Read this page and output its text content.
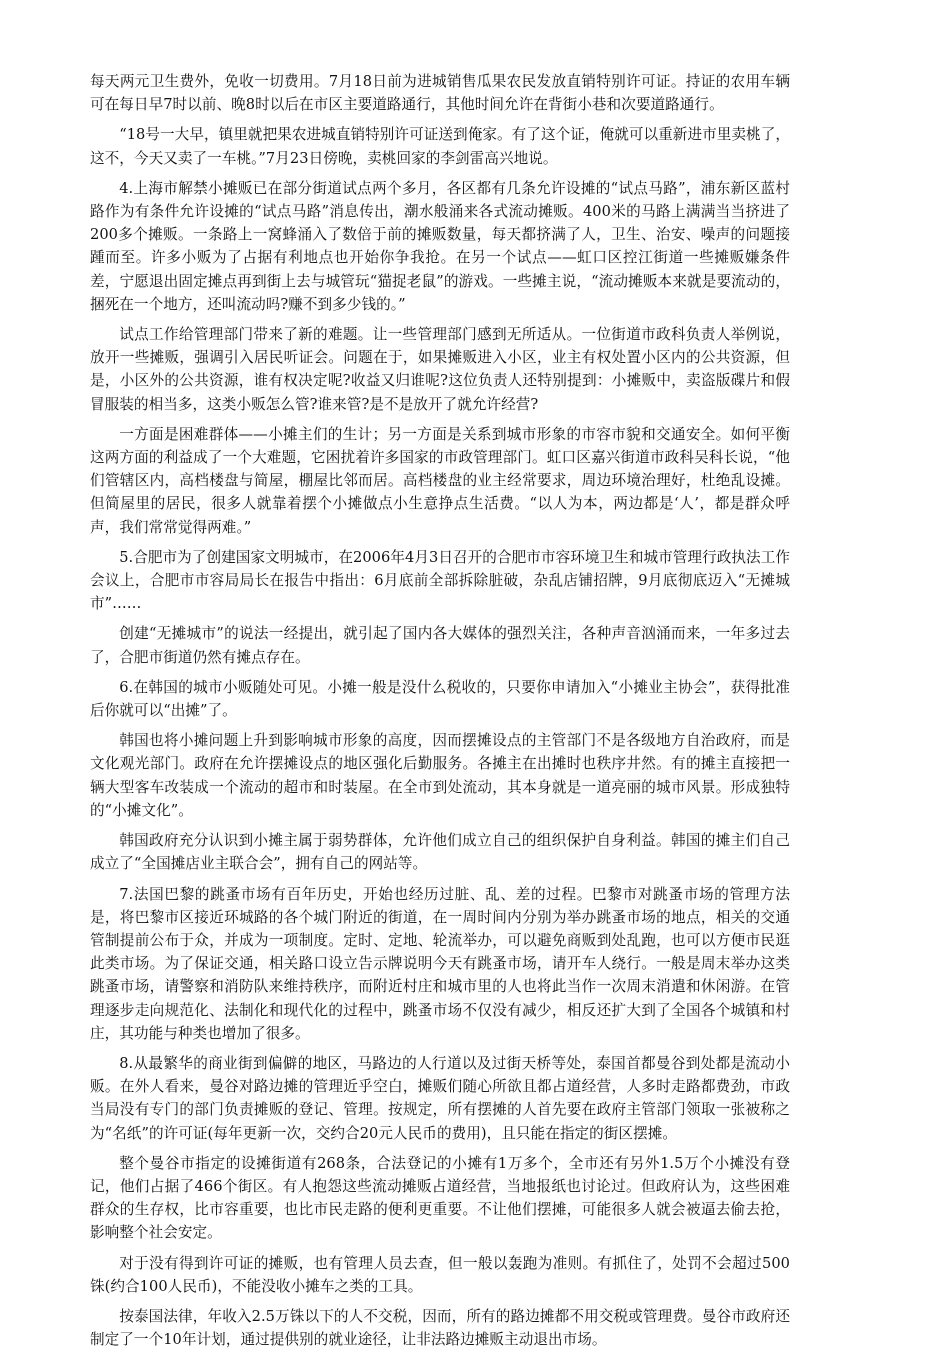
每天两元卫生费外，免收一切费用。7月18日前为进城销售瓜果农民发放直销特别许可证。持证的农用车辆可在每日早7时以前、晚8时以后在市区主要道路通行，其他时间允许在背街小巷和次要道路通行。

“18号一大早，镇里就把果农进城直销特别许可证送到俺家。有了这个证，俺就可以重新进市里卖桃了，这不，今天又卖了一车桃。”7月23日傍晚，卖桃回家的李剑雷高兴地说。

4.上海市解禁小摊贩已在部分街道试点两个多月，各区都有几条允许设摊的“试点马路”，浦东新区蓝村路作为有条件允许设摊的“试点马路”消息传出，潮水般涌来各式流动摊贩。400米的马路上满满当当挤进了200多个摊贩。一条路上一窝蜂涌入了数倍于前的摊贩数量，每天都挤满了人，卫生、治安、噪声的问题接踵而至。许多小贩为了占据有利地点也开始你争我抢。在另一个试点——虹口区控江街道一些摊贩嫌条件差，宁愿退出固定摊点再到街上去与城管玩“猫捉老鼠”的游戏。一些摊主说，“流动摊贩本来就是要流动的，捆死在一个地方，还叫流动吗?赚不到多少钱的。”

试点工作给管理部门带来了新的难题。让一些管理部门感到无所适从。一位街道市政科负责人举例说，放开一些摊贩，强调引入居民听证会。问题在于，如果摊贩进入小区，业主有权处置小区内的公共资源，但是，小区外的公共资源，谁有权决定呢?收益又归谁呢?这位负责人还特别提到：小摊贩中，卖盗版碟片和假冒服装的相当多，这类小贩怎么管?谁来管?是不是放开了就允许经营?

一方面是困难群体——小摊主们的生计；另一方面是关系到城市形象的市容市貌和交通安全。如何平衡这两方面的利益成了一个大难题，它困扰着许多国家的市政管理部门。虹口区嘉兴街道市政科吴科长说，“他们管辖区内，高档楼盘与简屋，棚屋比邻而居。高档楼盘的业主经常要求，周边环境治理好，杜绝乱设摊。但简屋里的居民，很多人就靠着摆个小摊做点小生意挣点生活费。“以人为本，两边都是‘人’，都是群众呼声，我们常常觉得两难。”

5.合肥市为了创建国家文明城市，在2006年4月3日召开的合肥市市容环境卫生和城市管理行政执法工作会议上，合肥市市容局局长在报告中指出：6月底前全部拆除脏破，杂乱店铺招牌，9月底彻底迈入“无摊城市”……

创建“无摊城市”的说法一经提出，就引起了国内各大媒体的强烈关注，各种声音汹涌而来，一年多过去了，合肥市街道仍然有摊点存在。

6.在韩国的城市小贩随处可见。小摊一般是没什么税收的，只要你申请加入“小摊业主协会”，获得批准后你就可以“出摊”了。

韩国也将小摊问题上升到影响城市形象的高度，因而摆摊设点的主管部门不是各级地方自治政府，而是文化观光部门。政府在允许摆摊设点的地区强化后勤服务。各摊主在出摊时也秩序井然。有的摊主直接把一辆大型客车改装成一个流动的超市和时装屋。在全市到处流动，其本身就是一道亮丽的城市风景。形成独特的“小摊文化”。

韩国政府充分认识到小摊主属于弱势群体，允许他们成立自己的组织保护自身利益。韩国的摊主们自己成立了“全国摊店业主联合会”，拥有自己的网站等。

7.法国巴黎的跳蚤市场有百年历史，开始也经历过脏、乱、差的过程。巴黎市对跳蚤市场的管理方法是，将巴黎市区接近环城路的各个城门附近的街道，在一周时间内分别为举办跳蚤市场的地点，相关的交通管制提前公布于众，并成为一项制度。定时、定地、轮流举办，可以避免商贩到处乱跑，也可以方便市民逛此类市场。为了保证交通，相关路口设立告示牌说明今天有跳蚤市场，请开车人绕行。一般是周末举办这类跳蚤市场，请警察和消防队来维持秩序，而附近村庄和城市里的人也将此当作一次周末消遣和休闲游。在管理逐步走向规范化、法制化和现代化的过程中，跳蚤市场不仅没有减少，相反还扩大到了全国各个城镇和村庄，其功能与种类也增加了很多。

8.从最繁华的商业街到偏僻的地区，马路边的人行道以及过街天桥等处，泰国首都曼谷到处都是流动小贩。在外人看来，曼谷对路边摊的管理近乎空白，摊贩们随心所欲且都占道经营，人多时走路都费劲，市政当局没有专门的部门负责摊贩的登记、管理。按规定，所有摆摊的人首先要在政府主管部门领取一张被称之为“名纸”的许可证(每年更新一次，交约合20元人民币的费用)，且只能在指定的街区摆摊。

整个曼谷市指定的设摊街道有268条，合法登记的小摊有1万多个，全市还有另外1.5万个小摊没有登记，他们占据了466个街区。有人抱怨这些流动摊贩占道经营，当地报纸也讨论过。但政府认为，这些困难群众的生存权，比市容重要，也比市民走路的便利更重要。不让他们摆摊，可能很多人就会被逼去偷去抢，影响整个社会安定。

对于没有得到许可证的摊贩，也有管理人员去查，但一般以轰跑为准则。有抓住了，处罚不会超过500铢(约合100人民币)，不能没收小摊车之类的工具。

按泰国法律，年收入2.5万铢以下的人不交税，因而，所有的路边摊都不用交税或管理费。曼谷市政府还制定了一个10年计划，通过提供别的就业途径，让非法路边摊贩主动退出市场。
